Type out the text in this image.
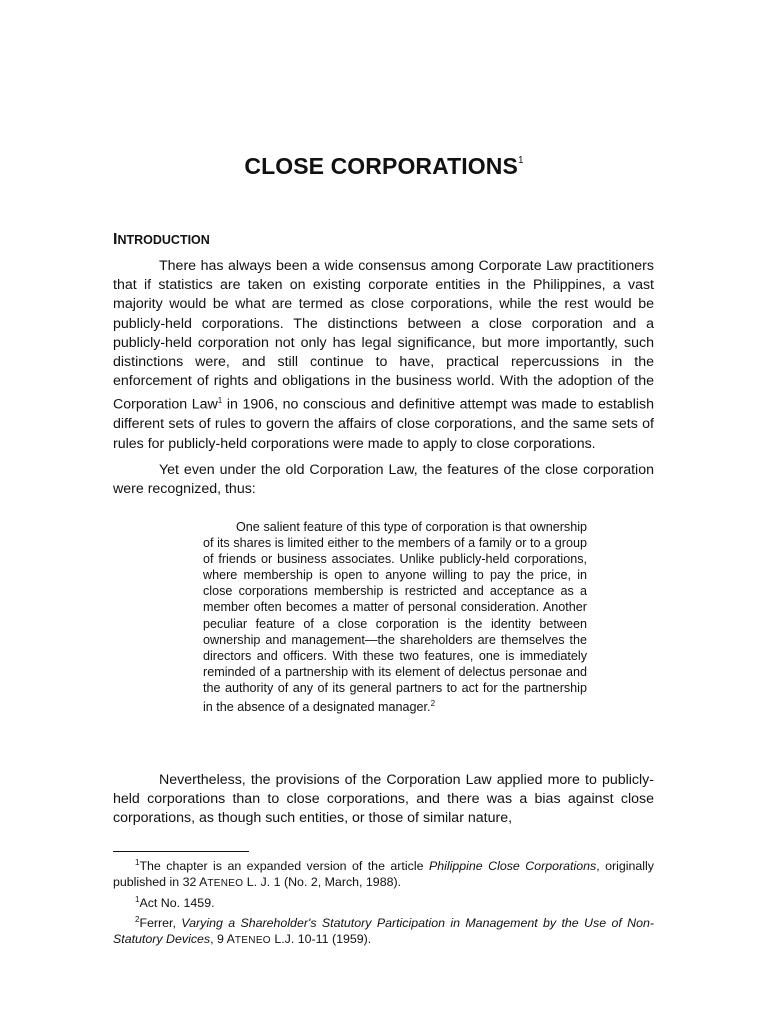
CLOSE CORPORATIONS$^1$
INTRODUCTION

There has always been a wide consensus among Corporate Law practitioners that if statistics are taken on existing corporate entities in the Philippines, a vast majority would be what are termed as close corporations, while the rest would be publicly-held corporations. The distinctions between a close corporation and a publicly-held corporation not only has legal significance, but more importantly, such distinctions were, and still continue to have, practical repercussions in the enforcement of rights and obligations in the business world. With the adoption of the Corporation Law$^1$ in 1906, no conscious and definitive attempt was made to establish different sets of rules to govern the affairs of close corporations, and the same sets of rules for publicly-held corporations were made to apply to close corporations.

Yet even under the old Corporation Law, the features of the close corporation were recognized, thus:

One salient feature of this type of corporation is that ownership of its shares is limited either to the members of a family or to a group of friends or business associates. Unlike publicly-held corporations, where membership is open to anyone willing to pay the price, in close corporations membership is restricted and acceptance as a member often becomes a matter of personal consideration. Another peculiar feature of a close corporation is the identity between ownership and management—the shareholders are themselves the directors and officers. With these two features, one is immediately reminded of a partnership with its element of delectus personae and the authority of any of its general partners to act for the partnership in the absence of a designated manager.$^2$

Nevertheless, the provisions of the Corporation Law applied more to publicly-held corporations than to close corporations, and there was a bias against close corporations, as though such entities, or those of similar nature,

$^1$The chapter is an expanded version of the article Philippine Close Corporations, originally published in 32 ATENEO L. J. 1 (No. 2, March, 1988).

$^1$Act No. 1459.

$^2$Ferrer, Varying a Shareholder's Statutory Participation in Management by the Use of Non-Statutory Devices, 9 ATENEO L.J. 10-11 (1959).
